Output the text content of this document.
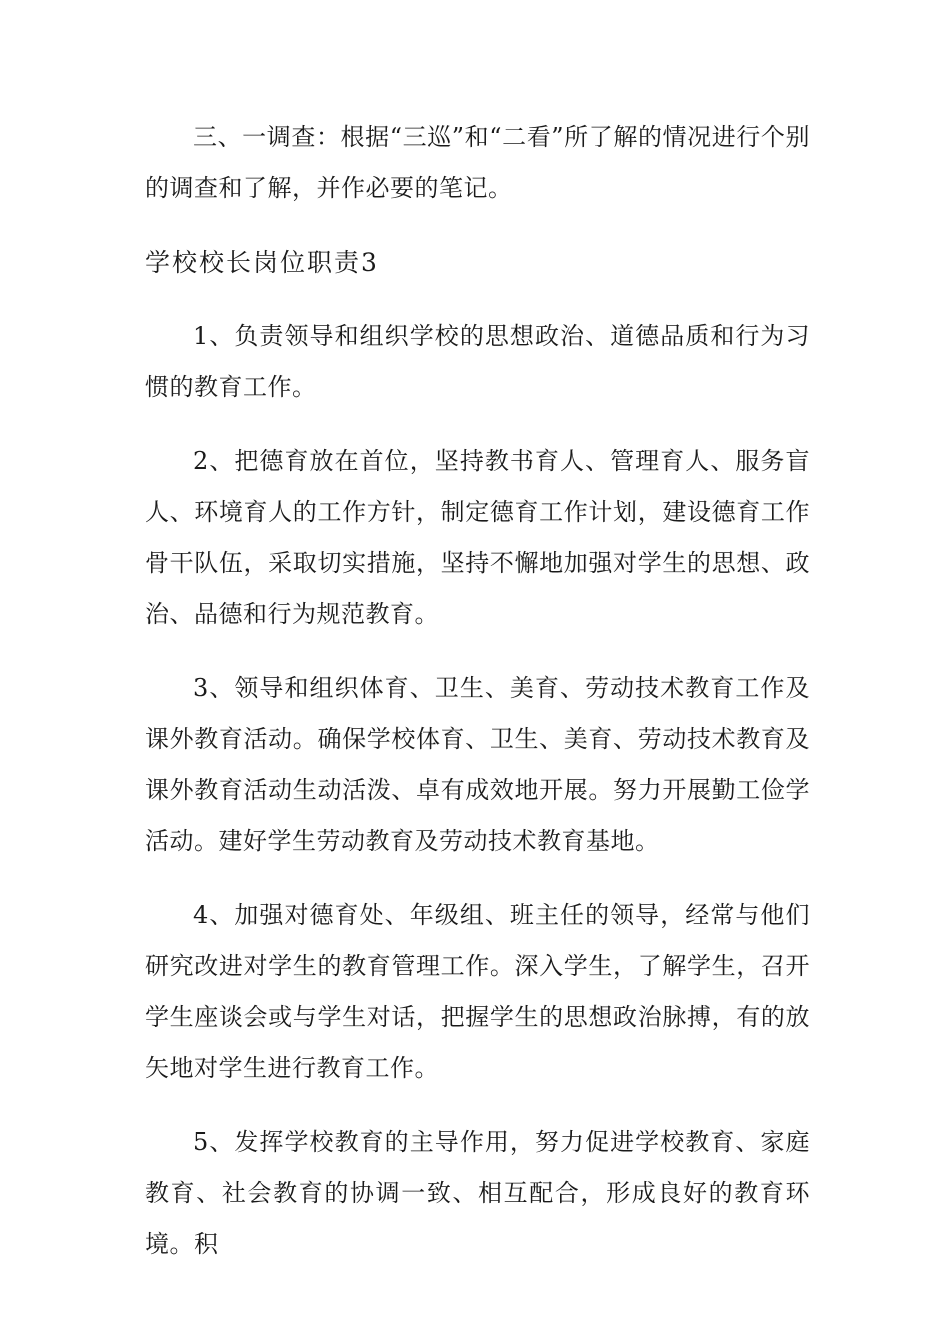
三、一调查：根据“三巡”和“二看”所了解的情况进行个别的调查和了解，并作必要的笔记。

学校校长岗位职责3

1、负责领导和组织学校的思想政治、道德品质和行为习惯的教育工作。

2、把德育放在首位，坚持教书育人、管理育人、服务盲人、环境育人的工作方针，制定德育工作计划，建设德育工作骨干队伍，采取切实措施，坚持不懈地加强对学生的思想、政治、品德和行为规范教育。

3、领导和组织体育、卫生、美育、劳动技术教育工作及课外教育活动。确保学校体育、卫生、美育、劳动技术教育及课外教育活动生动活泼、卓有成效地开展。努力开展勤工俭学活动。建好学生劳动教育及劳动技术教育基地。

4、加强对德育处、年级组、班主任的领导，经常与他们研究改进对学生的教育管理工作。深入学生，了解学生，召开学生座谈会或与学生对话，把握学生的思想政治脉搏，有的放矢地对学生进行教育工作。

5、发挥学校教育的主导作用，努力促进学校教育、家庭教育、社会教育的协调一致、相互配合，形成良好的教育环境。积
